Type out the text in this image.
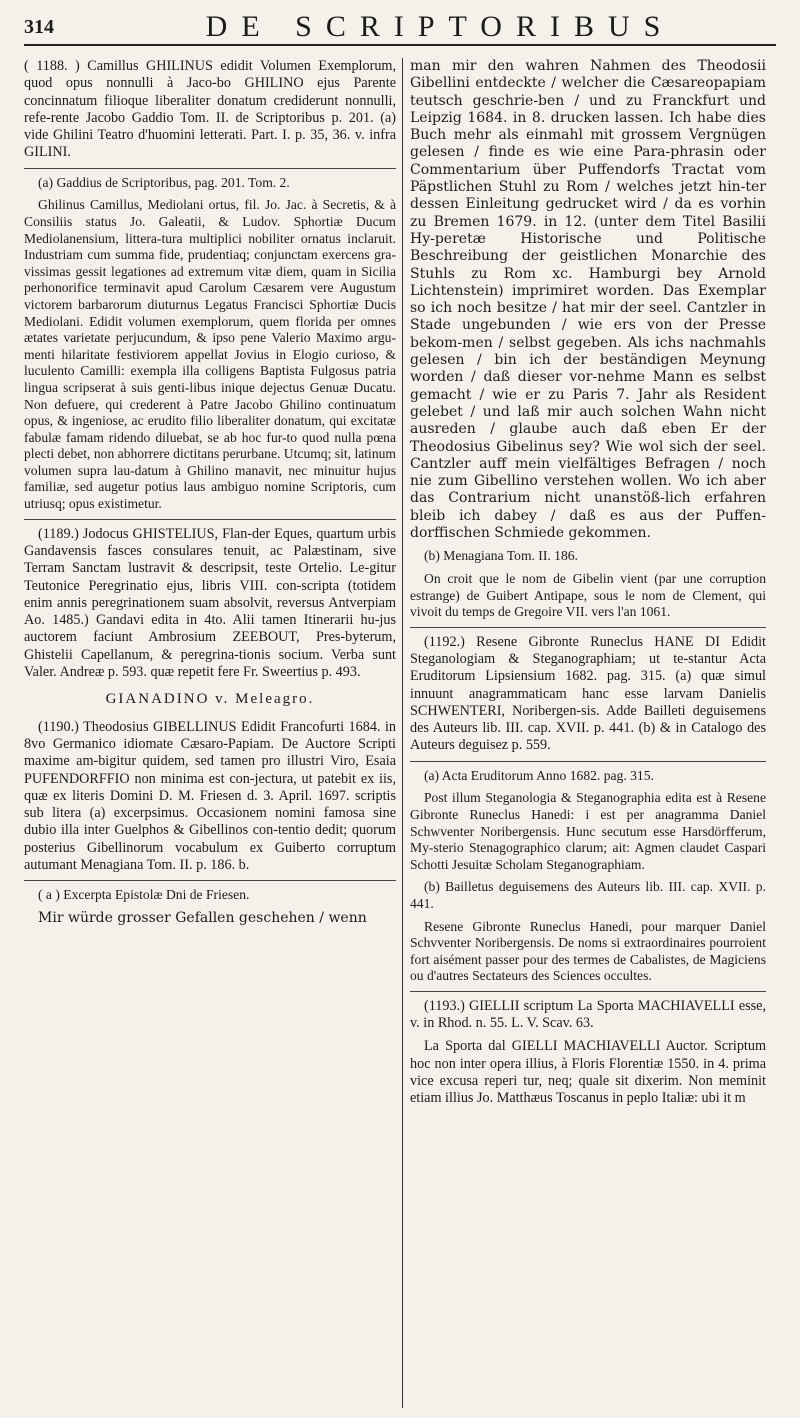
314	DE SCRIPTORIBUS

( 1188. ) Camillus GHILINUS edidit Volumen Exemplorum, quod opus nonnulli à Jaco-bo GHILINO ejus Parente concinnatum filioque liberaliter donatum crediderunt nonnulli, refe-rente Jacobo Gaddio Tom. II. de Scriptoribus p. 201. (a) vide Ghilini Teatro d'huomini letterati. Part. I. p. 35, 36. v. infra GILINI.

(a) Gaddius de Scriptoribus, pag. 201. Tom. 2.

Ghilinus Camillus, Mediolani ortus, fil. Jo. Jac. à Secretis, & à Consiliis status Jo. Galeatii, & Ludov. Sphortiæ Ducum Mediolanensium, littera-tura multiplici nobiliter ornatus inclaruit. Industriam cum summa fide, prudentiaq; conjunctam exercens gra-vissimas gessit legationes ad extremum vitæ diem, quam in Sicilia perhonorifice terminavit apud Carolum Cæsarem vere Augustum victorem barbarorum diuturnus Legatus Francisci Sphortiæ Ducis Mediolani. Edidit volumen exemplorum, quem florida per omnes ætates varietate perjucundum, & ipso pene Valerio Maximo argu-menti hilaritate festiviorem appellat Jovius in Elogio curioso, & luculento Camilli: exempla illa colligens Baptista Fulgosus patria lingua scripserat à suis genti-libus inique dejectus Genuæ Ducatu. Non defuere, qui crederent à Patre Jacobo Ghilino continuatum opus, & ingeniose, ac erudito filio liberaliter donatum, qui excitatæ fabulæ famam ridendo diluebat, se ab hoc fur-to quod nulla pœna plecti debet, non abhorrere dictitans perurbane. Utcumq; sit, latinum volumen supra lau-datum à Ghilino manavit, nec minuitur hujus familiæ, sed augetur potius laus ambiguo nomine Scriptoris, cum utriusq; opus existimetur.

(1189.) Jodocus GHISTELIUS, Flan-der Eques, quartum urbis Gandavensis fasces consulares tenuit, ac Palæstinam, sive Terram Sanctam lustravit & descripsit, teste Ortelio. Le-gitur Teutonice Peregrinatio ejus, libris VIII. con-scripta (totidem enim annis peregrinationem suam absolvit, reversus Antverpiam Ao. 1485.) Gandavi edita in 4to. Alii tamen Itinerarii hu-jus auctorem faciunt Ambrosium ZEEBOUT, Pres-byterum, Ghistelii Capellanum, & peregrina-tionis socium. Verba sunt Valer. Andreæ p. 593. quæ repetit fere Fr. Sweertius p. 493.

GIANADINO v. Meleagro.

(1190.) Theodosius GIBELLINUS Edidit Francofurti 1684. in 8vo Germanico idiomate Cæsaro-Papiam. De Auctore Scripti maxime am-bigitur quidem, sed tamen pro illustri Viro, Esaia PUFENDORFFIO non minima est con-jectura, ut patebit ex iis, quæ ex literis Domini D. M. Friesen d. 3. April. 1697. scriptis sub litera (a) excerpsimus. Occasionem nomini famosa sine dubio illa inter Guelphos & Gibellinos con-tentio dedit; quorum posterius Gibellinorum vocabulum ex Guiberto corruptum autumant Menagiana Tom. II. p. 186. b.

( a ) Excerpta Epistolæ Dni de Friesen.

Mir würde grosser Gefallen geschehen / wenn

man mir den wahren Nahmen des Theodosii Gibellini entdeckte / welcher die Cæsareopapiam teutsch geschrie-ben / und zu Franckfurt und Leipzig 1684. in 8. drucken lassen. Ich habe dies Buch mehr als einmahl mit grossem Vergnügen gelesen / finde es wie eine Para-phrasin oder Commentarium über Puffendorfs Tractat vom Päpstlichen Stuhl zu Rom / welches jetzt hin-ter dessen Einleitung gedrucket wird / da es vorhin zu Bremen 1679. in 12. (unter dem Titel Basilii Hy-peretæ Historische und Politische Beschreibung der geistlichen Monarchie des Stuhls zu Rom xc. Hamburgi bey Arnold Lichtenstein) imprimiret worden. Das Exemplar so ich noch besitze / hat mir der seel. Cantzler in Stade ungebunden / wie ers von der Presse bekom-men / selbst gegeben. Als ichs nachmahls gelesen / bin ich der beständigen Meynung worden / daß dieser vor-nehme Mann es selbst gemacht / wie er zu Paris 7. Jahr als Resident gelebet / und laß mir auch solchen Wahn nicht ausreden / glaube auch daß eben Er der Theodosius Gibelinus sey? Wie wol sich der seel. Cantzler auff mein vielfältiges Befragen / noch nie zum Gibellino verstehen wollen. Wo ich aber das Contrarium nicht unanstöß-lich erfahren bleib ich dabey / daß es aus der Puffen-dorffischen Schmiede gekommen.

(b) Menagiana Tom. II. 186.

On croit que le nom de Gibelin vient (par une corruption estrange) de Guibert Antipape, sous le nom de Clement, qui vivoit du temps de Gregoire VII. vers l'an 1061.

(1192.) Resene Gibronte Runeclus HANE DI Edidit Steganologiam & Steganographiam; ut te-stantur Acta Eruditorum Lipsiensium 1682. pag. 315. (a) quæ simul innuunt anagrammaticam hanc esse larvam Danielis SCHWENTERI, Noribergen-sis. Adde Bailleti deguisemens des Auteurs lib. III. cap. XVII. p. 441. (b) & in Catalogo des Auteurs deguisez p. 559.

(a) Acta Eruditorum Anno 1682. pag. 315.

Post illum Steganologia & Steganographia edita est à Resene Gibronte Runeclus Hanedi: i est per anagramma Daniel Schwventer Noribergensis. Hunc secutum esse Harsdörfferum, My-sterio Stenagographico clarum; ait: Agmen claudet Caspari Schotti Jesuitæ Scholam Steganographiam.

(b) Bailletus deguisemens des Auteurs lib. III. cap. XVII. p. 441.

Resene Gibronte Runeclus Hanedi, pour marquer Daniel Schvventer Noribergensis. De noms si extraordinaires pourroient fort aisément passer pour des termes de Cabalistes, de Magiciens ou d'autres Sectateurs des Sciences occultes.

(1193.) GIELLII scriptum La Sporta MACHIAVELLI esse, v. in Rhod. n. 55. L. V. Scav. 63.

La Sporta dal GIELLI MACHIAVELLI Auctor. Scriptum hoc non inter opera illius, à Floris Florentiæ 1550. in 4. prima vice excusa reperi tur, neq; quale sit dixerim. Non meminit etiam illius Jo. Matthæus Toscanus in peplo Italiæ: ubi it m
